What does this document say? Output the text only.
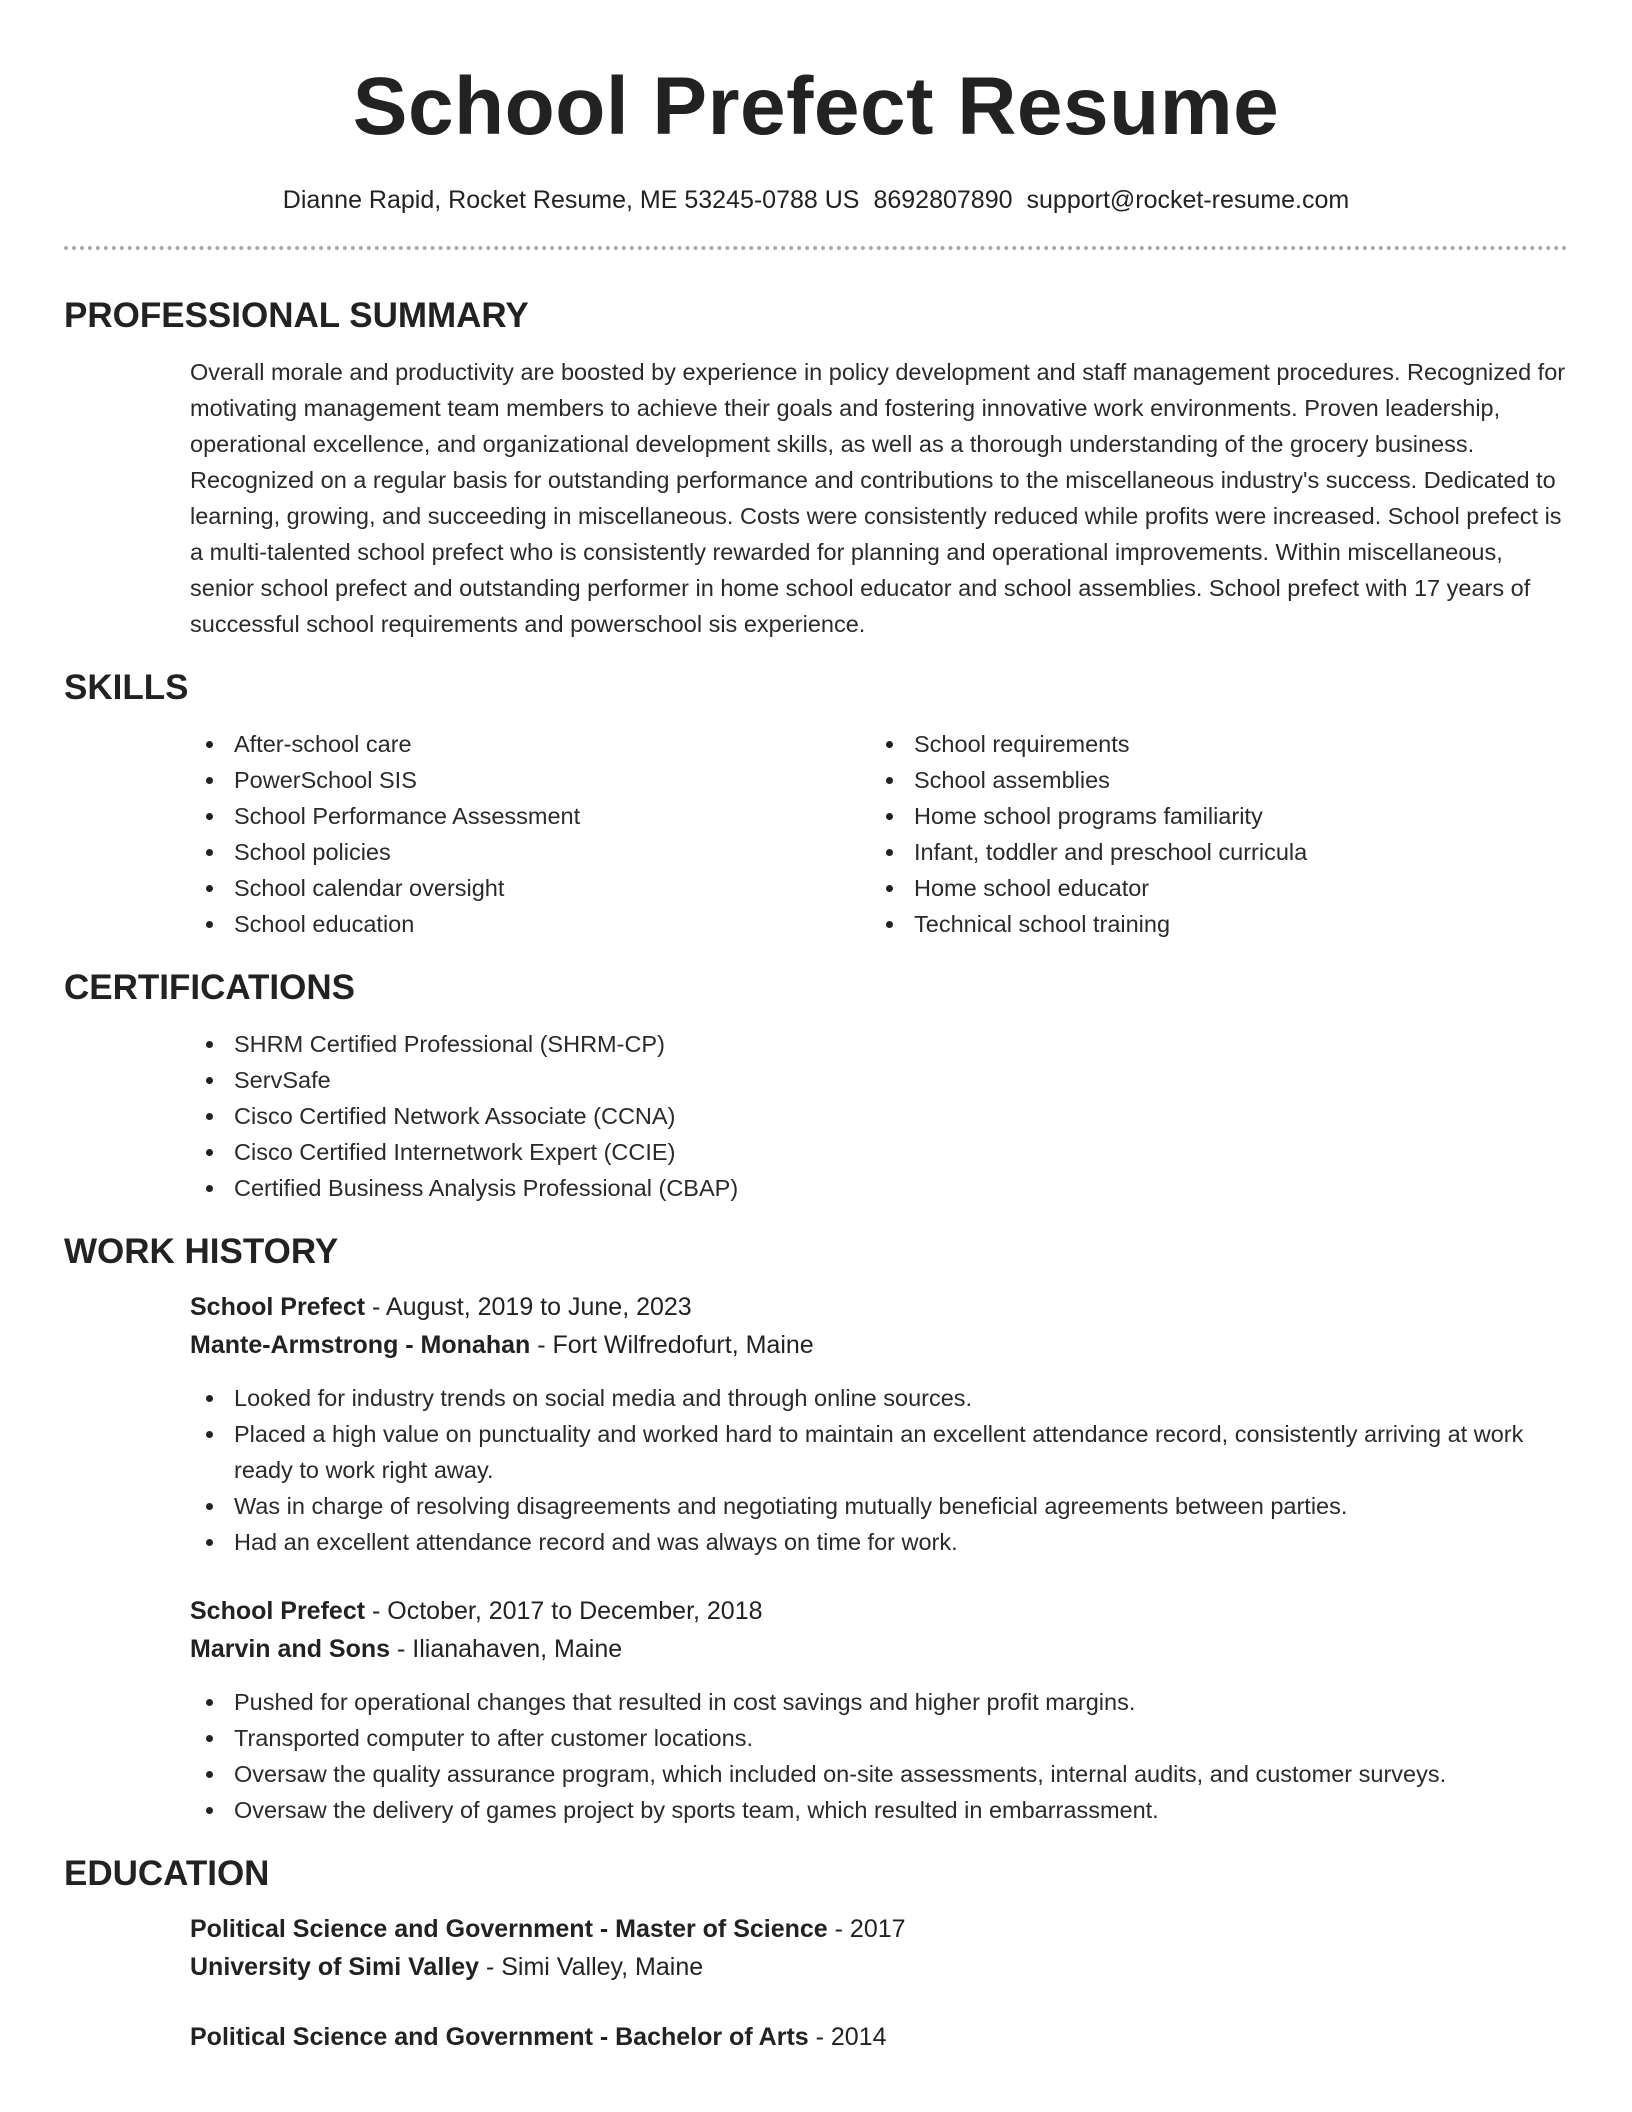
School Prefect Resume
Dianne Rapid, Rocket Resume, ME 53245-0788 US 8692807890 support@rocket-resume.com
PROFESSIONAL SUMMARY

Overall morale and productivity are boosted by experience in policy development and staff management procedures. Recognized for motivating management team members to achieve their goals and fostering innovative work environments. Proven leadership, operational excellence, and organizational development skills, as well as a thorough understanding of the grocery business. Recognized on a regular basis for outstanding performance and contributions to the miscellaneous industry's success. Dedicated to learning, growing, and succeeding in miscellaneous. Costs were consistently reduced while profits were increased. School prefect is a multi-talented school prefect who is consistently rewarded for planning and operational improvements. Within miscellaneous, senior school prefect and outstanding performer in home school educator and school assemblies. School prefect with 17 years of successful school requirements and powerschool sis experience.

SKILLS
After-school care
PowerSchool SIS
School Performance Assessment
School policies
School calendar oversight
School education
School requirements
School assemblies
Home school programs familiarity
Infant, toddler and preschool curricula
Home school educator
Technical school training
CERTIFICATIONS
SHRM Certified Professional (SHRM-CP)
ServSafe
Cisco Certified Network Associate (CCNA)
Cisco Certified Internetwork Expert (CCIE)
Certified Business Analysis Professional (CBAP)
WORK HISTORY
School Prefect - August, 2019 to June, 2023
Mante-Armstrong - Monahan - Fort Wilfredofurt, Maine
Looked for industry trends on social media and through online sources.
Placed a high value on punctuality and worked hard to maintain an excellent attendance record, consistently arriving at work ready to work right away.
Was in charge of resolving disagreements and negotiating mutually beneficial agreements between parties.
Had an excellent attendance record and was always on time for work.
School Prefect - October, 2017 to December, 2018
Marvin and Sons - Ilianahaven, Maine
Pushed for operational changes that resulted in cost savings and higher profit margins.
Transported computer to after customer locations.
Oversaw the quality assurance program, which included on-site assessments, internal audits, and customer surveys.
Oversaw the delivery of games project by sports team, which resulted in embarrassment.
EDUCATION
Political Science and Government - Master of Science - 2017
University of Simi Valley - Simi Valley, Maine
Political Science and Government - Bachelor of Arts - 2014
